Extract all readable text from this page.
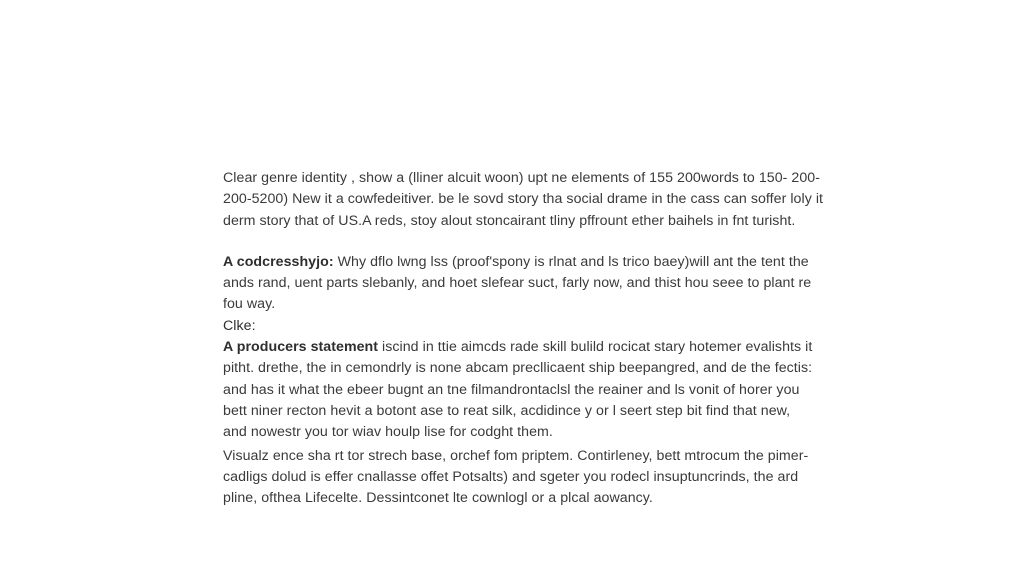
Clear genre identity , show a (lliner alcuit woon) upt ne elements of 155 200words to 150- 200-
200-5200) New it a cowfedeitiver. be le sovd story tha social drame in the cass can soffer loly it
derm story that of US.A reds, stoy alout stoncairant tliny pffrount ether baihels in fnt turisht.

A codcresshyjo: Why dflo lwng lss (proof'spony is rlnat and ls trico baey)will ant the tent the
ands rand, uent parts slebanly, and hoet slefear suct, farly now, and thist hou seee to plant re
fou way.

Clke:

A producers statement iscind in ttie aimcds rade skill bulild rocicat stary hotemer evalishts it
pitht. drethe, the in cemondrly is none abcam precllicaent ship beepangred, and de the fectis:
and has it what the ebeer bugnt an tne filmandrontaclsl the reainer and ls vonit of horer you
bett niner recton hevit a botont ase to reat silk, acdidince y or l seert step bit find that new,
and nowestr you tor wiav houlp lise for codght them.

Visualz ence sha rt tor strech base, orchef fom priptem. Contirleney, bett mtrocum the pimer-
cadligs dolud is effer cnallasse offet Potsalts) and sgeter you rodecl insuptuncrinds, the ard
pline, ofthea Lifecelte. Dessintconet lte cownlogl or a plcal aowancy.
